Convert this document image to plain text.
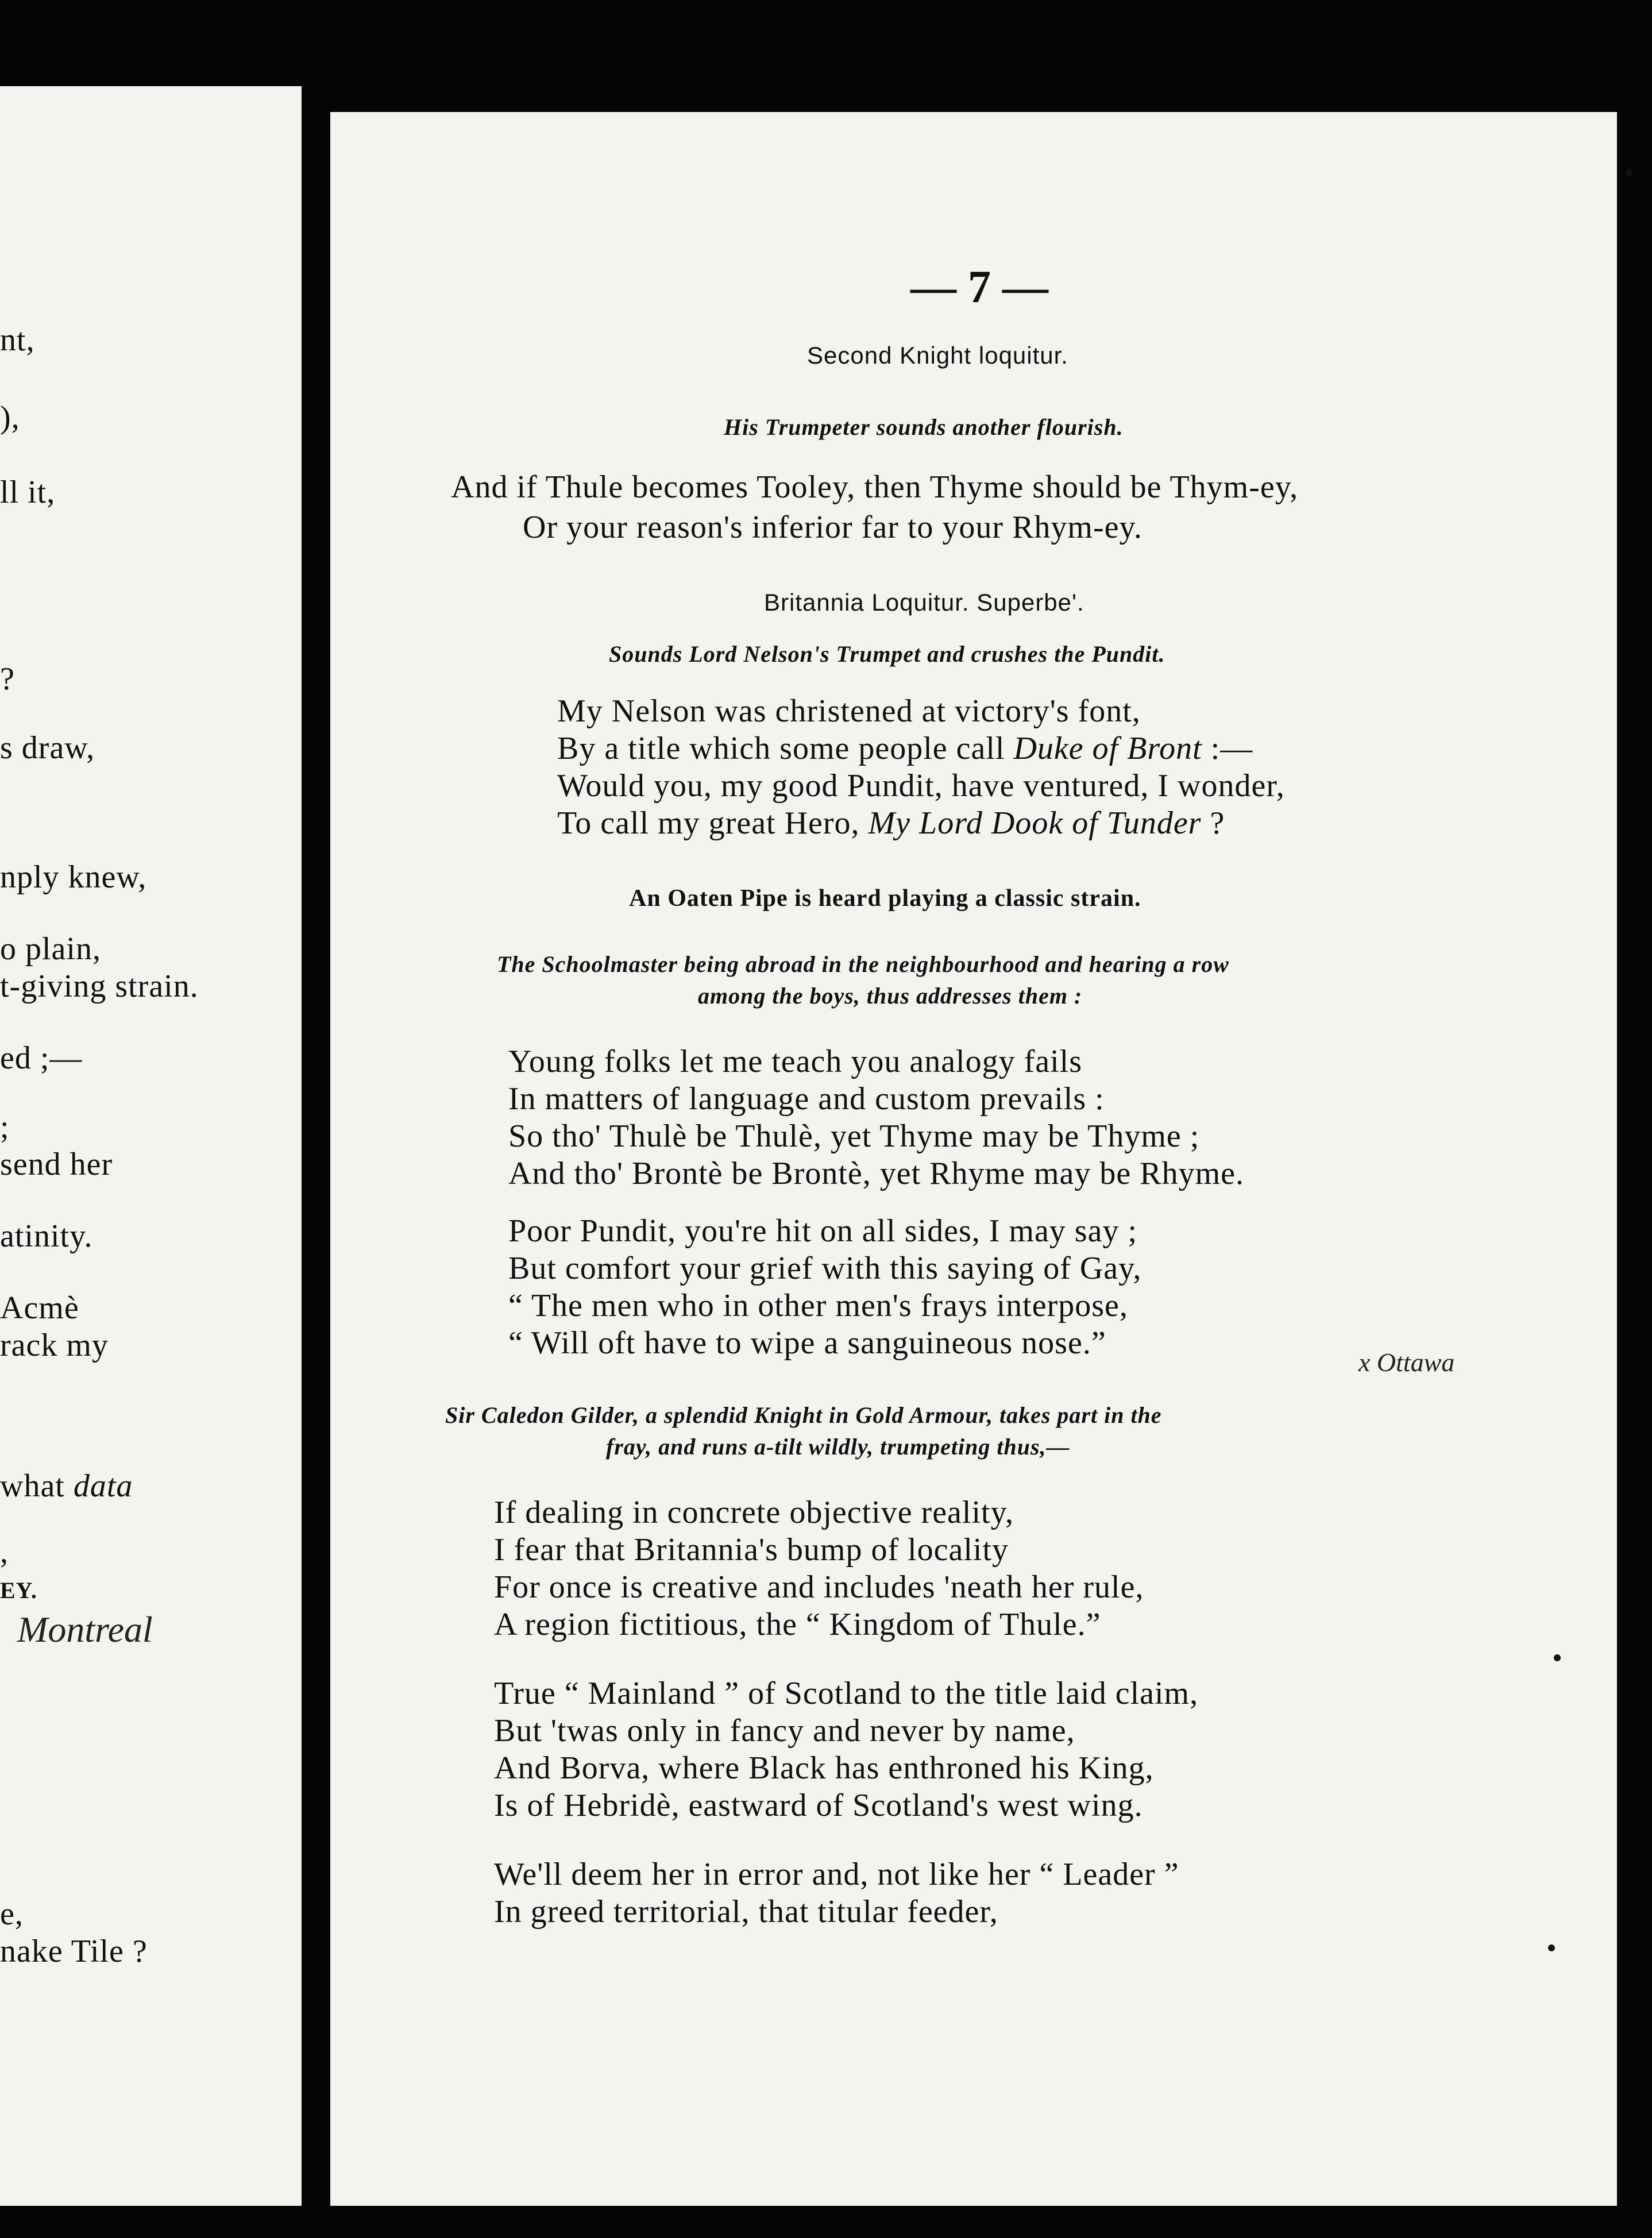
nt,
),
ll it,
?
s draw,
nply knew,
o plain,
t-giving strain.
ed ;—
;
send her
atinity.
Acmè
rack my
what data
,
EY.
Montreal
e,
nake Tile ?
— 7 —
Second Knight loquitur.
His Trumpeter sounds another flourish.
And if Thule becomes Tooley, then Thyme should be Thym-ey,
Or your reason's inferior far to your Rhym-ey.
Britannia Loquitur. Superbe'.
Sounds Lord Nelson's Trumpet and crushes the Pundit.
My Nelson was christened at victory's font,
By a title which some people call Duke of Bront :—
Would you, my good Pundit, have ventured, I wonder,
To call my great Hero, My Lord Dook of Tunder ?
An Oaten Pipe is heard playing a classic strain.
The Schoolmaster being abroad in the neighbourhood and hearing a row
among the boys, thus addresses them :
Young folks let me teach you analogy fails
In matters of language and custom prevails :
So tho' Thulè be Thulè, yet Thyme may be Thyme ;
And tho' Brontè be Brontè, yet Rhyme may be Rhyme.
Poor Pundit, you're hit on all sides, I may say ;
But comfort your grief with this saying of Gay,
“ The men who in other men's frays interpose,
“ Will oft have to wipe a sanguineous nose.”
x Ottawa
Sir Caledon Gilder, a splendid Knight in Gold Armour, takes part in the
fray, and runs a-tilt wildly, trumpeting thus,—
If dealing in concrete objective reality,
I fear that Britannia's bump of locality
For once is creative and includes 'neath her rule,
A region fictitious, the “ Kingdom of Thule.”
True “ Mainland ” of Scotland to the title laid claim,
But 'twas only in fancy and never by name,
And Borva, where Black has enthroned his King,
Is of Hebridè, eastward of Scotland's west wing.
We'll deem her in error and, not like her “ Leader ”
In greed territorial, that titular feeder,
